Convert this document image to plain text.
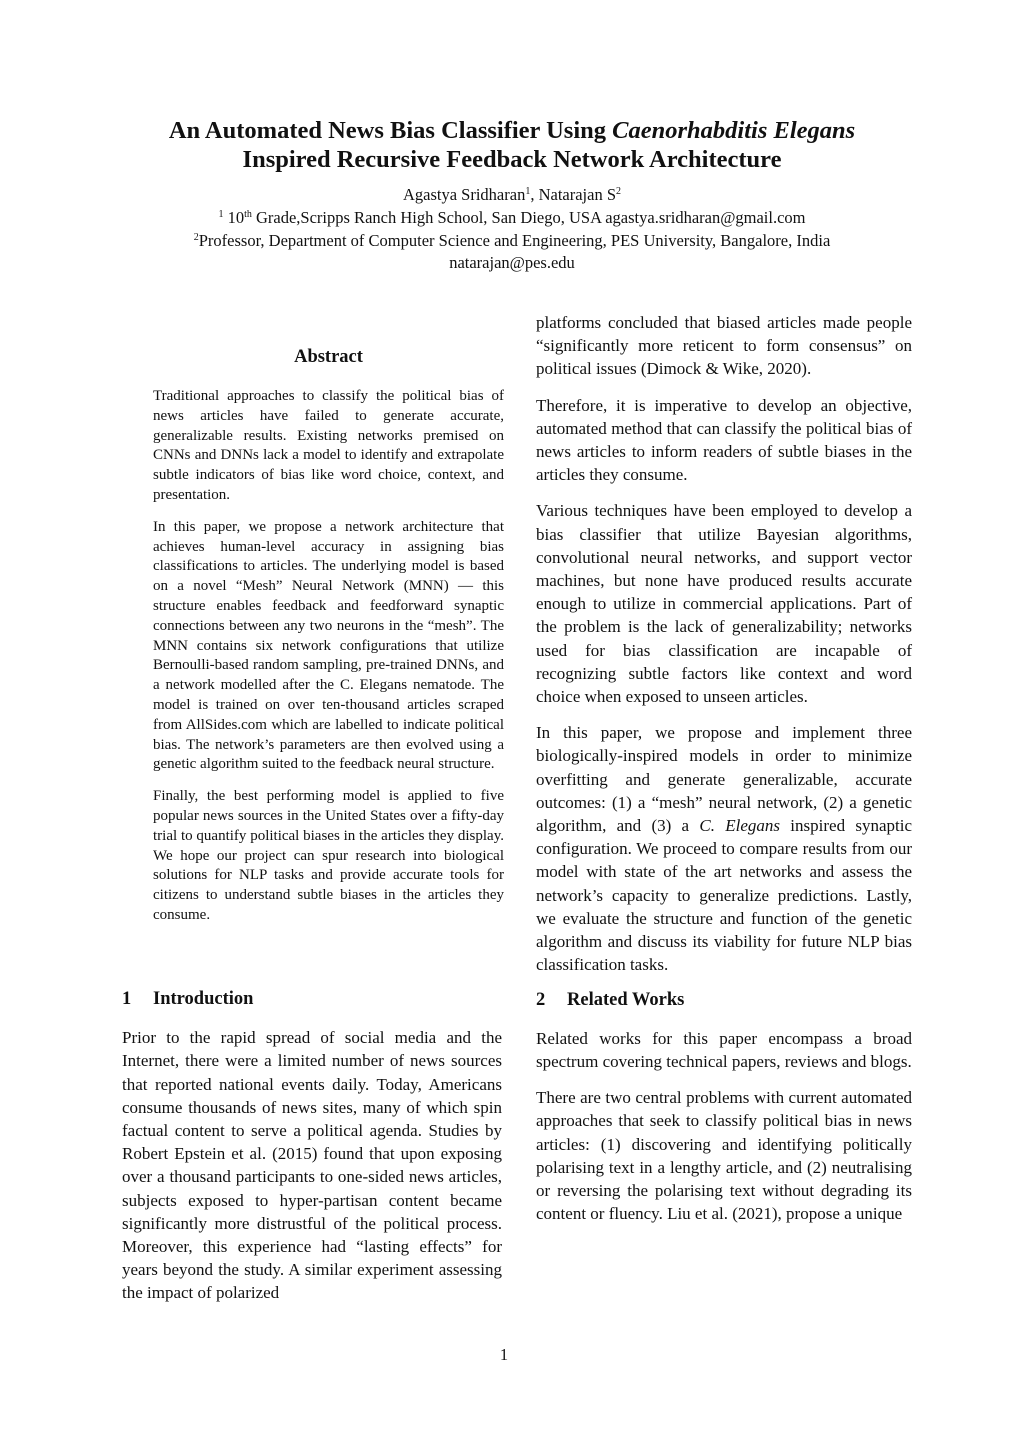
An Automated News Bias Classifier Using Caenorhabditis Elegans
Inspired Recursive Feedback Network Architecture
Agastya Sridharan$^1$, Natarajan $S^2$
$^1$ 10th Grade,Scripps Ranch High School, San Diego, USA agastya.sridharan@gmail.com
$^2$Professor, Department of Computer Science and Engineering, PES University, Bangalore, India
natarajan@pes.edu
Abstract

Traditional approaches to classify the political bias of news articles have failed to generate accurate, generalizable results. Existing networks premised on CNNs and DNNs lack a model to identify and extrapolate subtle indicators of bias like word choice, context, and presentation.

In this paper, we propose a network architecture that achieves human-level accuracy in assigning bias classifications to articles. The underlying model is based on a novel “Mesh” Neural Network (MNN) — this structure enables feedback and feedforward synaptic connections between any two neurons in the “mesh”. The MNN contains six network configurations that utilize Bernoulli-based random sampling, pre-trained DNNs, and a network modelled after the C. Elegans nematode. The model is trained on over ten-thousand articles scraped from AllSides.com which are labelled to indicate political bias. The network’s parameters are then evolved using a genetic algorithm suited to the feedback neural structure.

Finally, the best performing model is applied to five popular news sources in the United States over a fifty-day trial to quantify political biases in the articles they display. We hope our project can spur research into biological solutions for NLP tasks and provide accurate tools for citizens to understand subtle biases in the articles they consume.

1 Introduction

Prior to the rapid spread of social media and the Internet, there were a limited number of news sources that reported national events daily. Today, Americans consume thousands of news sites, many of which spin factual content to serve a political agenda. Studies by Robert Epstein et al. (2015) found that upon exposing over a thousand participants to one-sided news articles, subjects exposed to hyper-partisan content became significantly more distrustful of the political process. Moreover, this experience had “lasting effects” for years beyond the study. A similar experiment assessing the impact of polarized

platforms concluded that biased articles made people “significantly more reticent to form consensus” on political issues (Dimock & Wike, 2020).

Therefore, it is imperative to develop an objective, automated method that can classify the political bias of news articles to inform readers of subtle biases in the articles they consume.

Various techniques have been employed to develop a bias classifier that utilize Bayesian algorithms, convolutional neural networks, and support vector machines, but none have produced results accurate enough to utilize in commercial applications. Part of the problem is the lack of generalizability; networks used for bias classification are incapable of recognizing subtle factors like context and word choice when exposed to unseen articles.

In this paper, we propose and implement three biologically-inspired models in order to minimize overfitting and generate generalizable, accurate outcomes: (1) a “mesh” neural network, (2) a genetic algorithm, and (3) a C. Elegans inspired synaptic configuration. We proceed to compare results from our model with state of the art networks and assess the network’s capacity to generalize predictions. Lastly, we evaluate the structure and function of the genetic algorithm and discuss its viability for future NLP bias classification tasks.

2 Related Works

Related works for this paper encompass a broad spectrum covering technical papers, reviews and blogs.

There are two central problems with current automated approaches that seek to classify political bias in news articles: (1) discovering and identifying politically polarising text in a lengthy article, and (2) neutralising or reversing the polarising text without degrading its content or fluency. Liu et al. (2021), propose a unique

1
